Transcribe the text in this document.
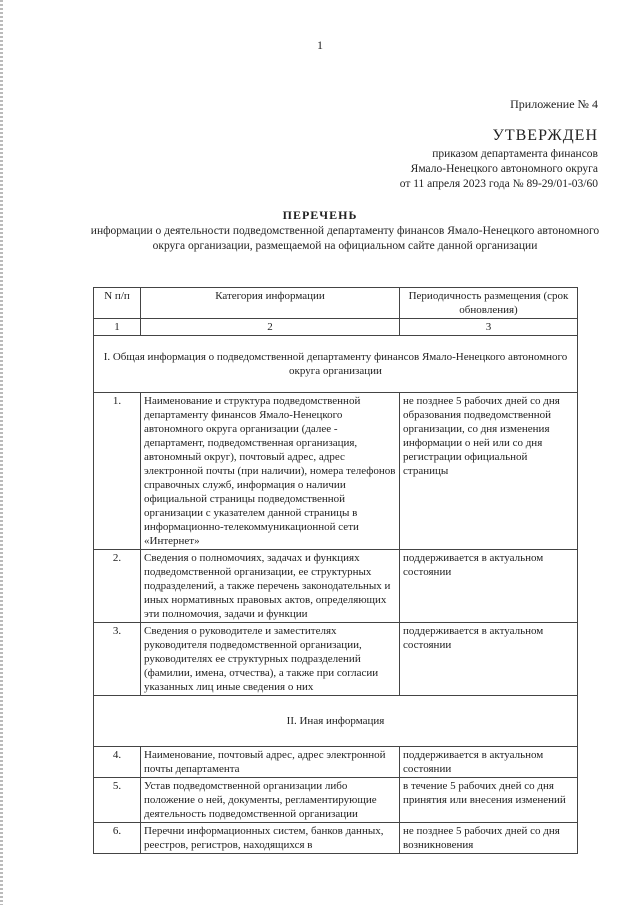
1
Приложение № 4
УТВЕРЖДЕН
приказом департамента финансов
Ямало-Ненецкого автономного округа
от 11 апреля 2023 года № 89-29/01-03/60
ПЕРЕЧЕНЬ
информации о деятельности подведомственной департаменту финансов Ямало-Ненецкого автономного округа организации, размещаемой на официальном сайте данной организации
N п/п	Категория информации	Периодичность размещения (срок обновления)
1	2	3
I. Общая информация о подведомственной департаменту финансов Ямало-Ненецкого автономного округа организации		
1.	Наименование и структура подведомственной департаменту финансов Ямало-Ненецкого автономного округа организации (далее - департамент, подведомственная организация, автономный округ), почтовый адрес, адрес электронной почты (при наличии), номера телефонов справочных служб, информация о наличии официальной страницы подведомственной организации с указателем данной страницы в информационно-телекоммуникационной сети «Интернет»	не позднее 5 рабочих дней со дня образования подведомственной организации, со дня изменения информации о ней или со дня регистрации официальной страницы
2.	Сведения о полномочиях, задачах и функциях подведомственной организации, ее структурных подразделений, а также перечень законодательных и иных нормативных правовых актов, определяющих эти полномочия, задачи и функции	поддерживается в актуальном состоянии
3.	Сведения о руководителе и заместителях руководителя подведомственной организации, руководителях ее структурных подразделений (фамилии, имена, отчества), а также при согласии указанных лиц иные сведения о них	поддерживается в актуальном состоянии
II. Иная информация		
4.	Наименование, почтовый адрес, адрес электронной почты департамента	поддерживается в актуальном состоянии
5.	Устав подведомственной организации либо положение о ней, документы, регламентирующие деятельность подведомственной организации	в течение 5 рабочих дней со дня принятия или внесения изменений
6.	Перечни информационных систем, банков данных, реестров, регистров, находящихся в	не позднее 5 рабочих дней со дня возникновения
